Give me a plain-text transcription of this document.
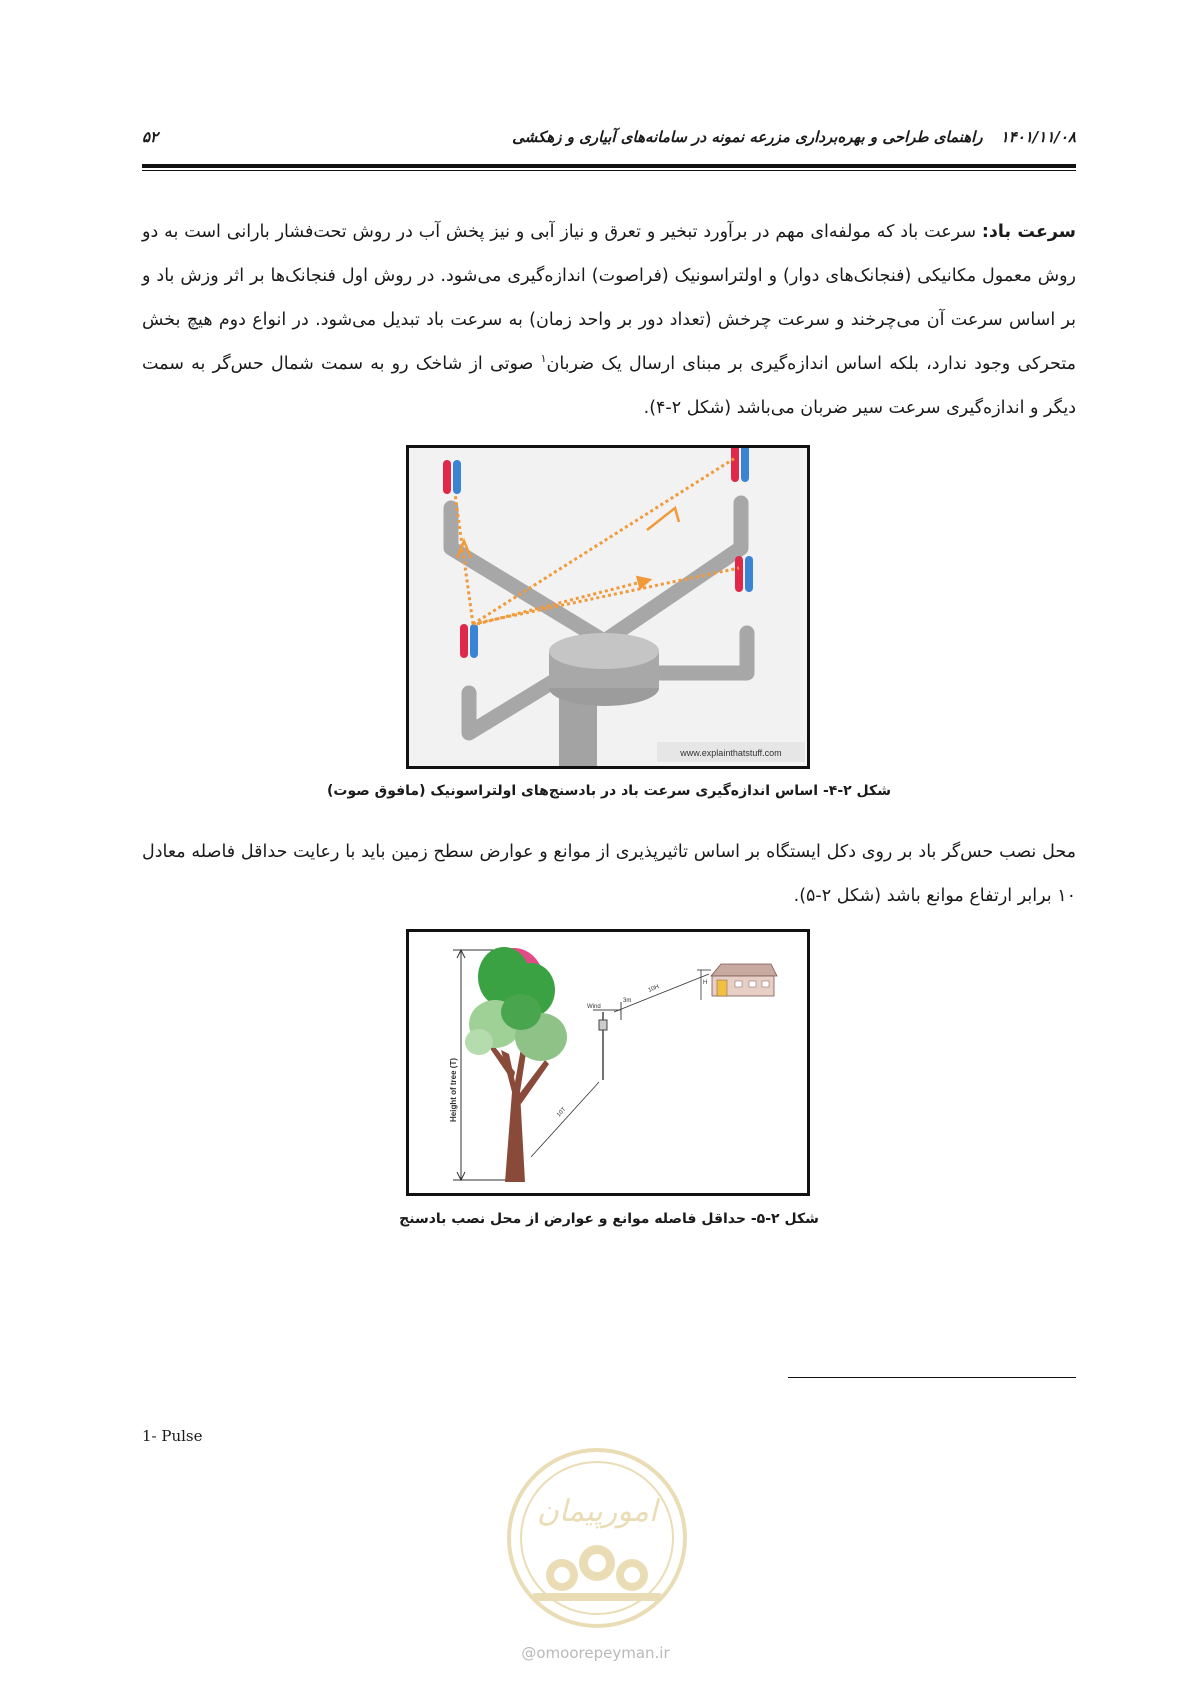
۵۲	۱۴۰۱/۱۱/۰۸راهنمای طراحی و بهره‌برداری مزرعه نمونه در سامانه‌های آبیاری و زهکشی

سرعت باد: سرعت باد که مولفه‌ای مهم در برآورد تبخیر و تعرق و نیاز آبی و نیز پخش آب در روش تحت‌فشار بارانی است به دو روش معمول مکانیکی (فنجانک‌های دوار) و اولتراسونیک (فراصوت) اندازه‌گیری می‌شود. در روش اول فنجانک‌ها بر اثر وزش باد و بر اساس سرعت آن می‌چرخند و سرعت چرخش (تعداد دور بر واحد زمان) به سرعت باد تبدیل می‌شود. در انواع دوم هیچ بخش متحرکی وجود ندارد، بلکه اساس اندازه‌گیری بر مبنای ارسال یک ضربان$^۱$ صوتی از شاخک رو به سمت شمال حس‌گر به سمت دیگر و اندازه‌گیری سرعت سیر ضربان می‌باشد (شکل ۲-۴).

www.explainthatstuff.com
شکل ۲-۴- اساس اندازه‌گیری سرعت باد در بادسنج‌های اولتراسونیک (مافوق صوت)

محل نصب حس‌گر باد بر روی دکل ایستگاه بر اساس تاثیرپذیری از موانع و عوارض سطح زمین باید با رعایت حداقل فاصله معادل ۱۰ برابر ارتفاع موانع باشد (شکل ۲-۵).

Height of tree (T)
Wind
3m
10T
10H
H
شکل ۲-۵- حداقل فاصله موانع و عوارض از محل نصب بادسنج
1- Pulse
امورپیمان
@omoorepeyman.ir
